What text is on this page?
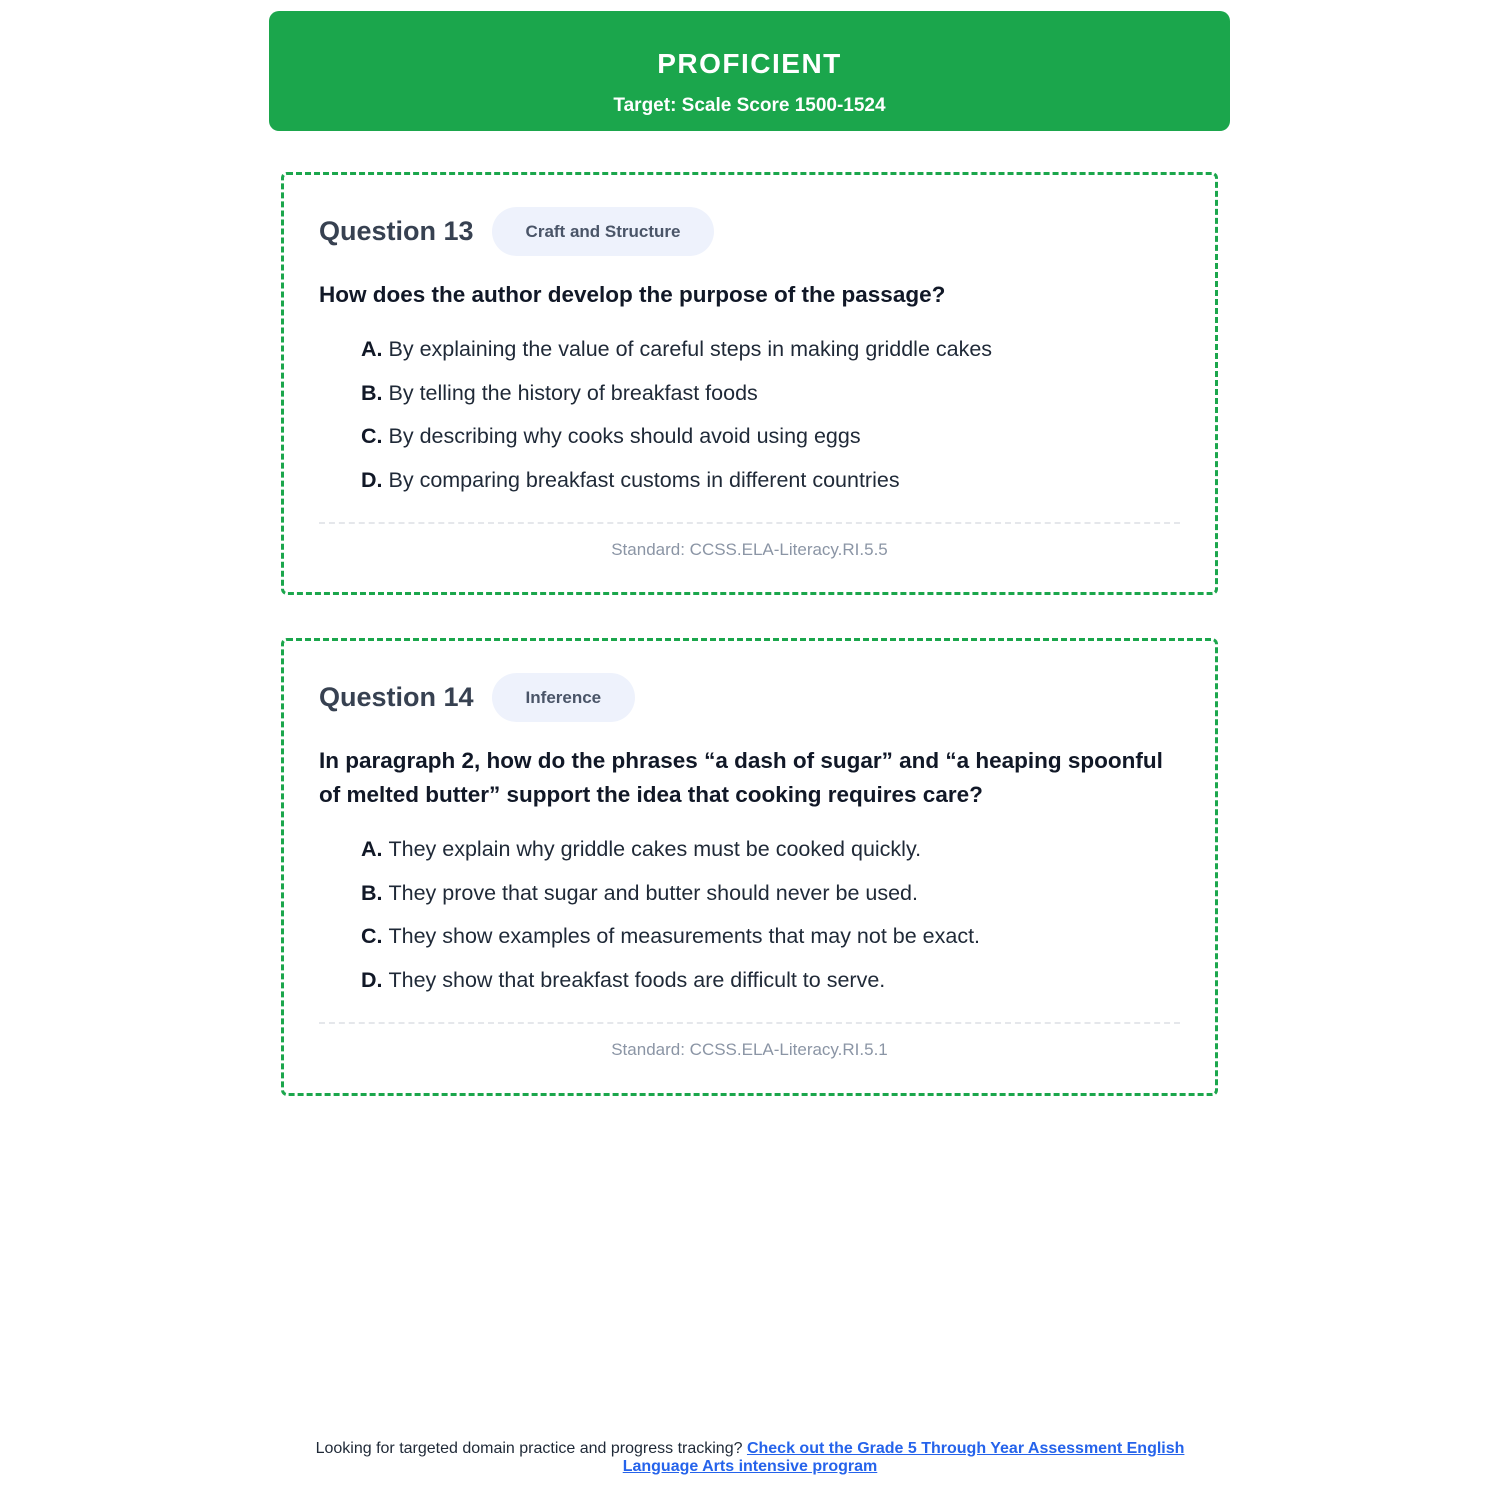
PROFICIENT
Target: Scale Score 1500-1524
Question 13	Craft and Structure
How does the author develop the purpose of the passage?
A. By explaining the value of careful steps in making griddle cakes
B. By telling the history of breakfast foods
C. By describing why cooks should avoid using eggs
D. By comparing breakfast customs in different countries
Standard: CCSS.ELA-Literacy.RI.5.5
Question 14	Inference
In paragraph 2, how do the phrases “a dash of sugar” and “a heaping spoonful of melted butter” support the idea that cooking requires care?
A. They explain why griddle cakes must be cooked quickly.
B. They prove that sugar and butter should never be used.
C. They show examples of measurements that may not be exact.
D. They show that breakfast foods are difficult to serve.
Standard: CCSS.ELA-Literacy.RI.5.1
Looking for targeted domain practice and progress tracking? Check out the Grade 5 Through Year Assessment English Language Arts intensive program
